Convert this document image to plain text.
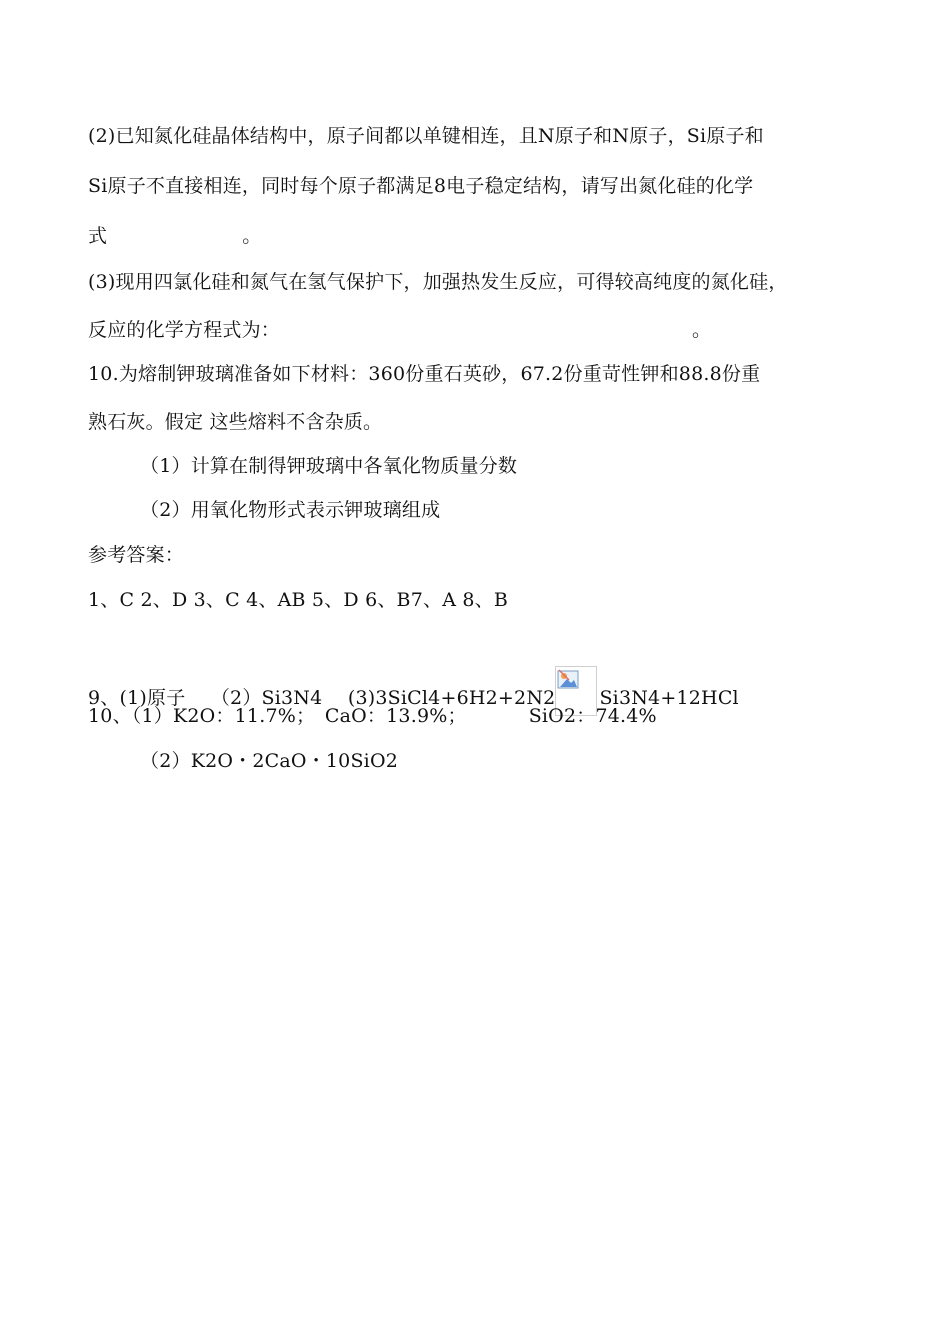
(2)已知氮化硅晶体结构中，原子间都以单键相连，且N原子和N原子，Si原子和
Si原子不直接相连，同时每个原子都满足8电子稳定结构，请写出氮化硅的化学
式	。
(3)现用四氯化硅和氮气在氢气保护下，加强热发生反应，可得较高纯度的氮化硅，
反应的化学方程式为：	。
10.为熔制钾玻璃准备如下材料：360份重石英砂，67.2份重苛性钾和88.8份重
熟石灰。假定 这些熔料不含杂质。
（1）计算在制得钾玻璃中各氧化物质量分数
（2）用氧化物形式表示钾玻璃组成
参考答案：
1、C 2、D 3、C 4、AB 5、D 6、B7、A 8、B
9、(1)原子　 （2）Si3N4　 (3)3SiCl4+6H2+2N2 Si3N4+12HCl
10、（1）K2O：11.7%；　CaO：13.9%；	SiO2：74.4%
（2）K2O・2CaO・10SiO2
